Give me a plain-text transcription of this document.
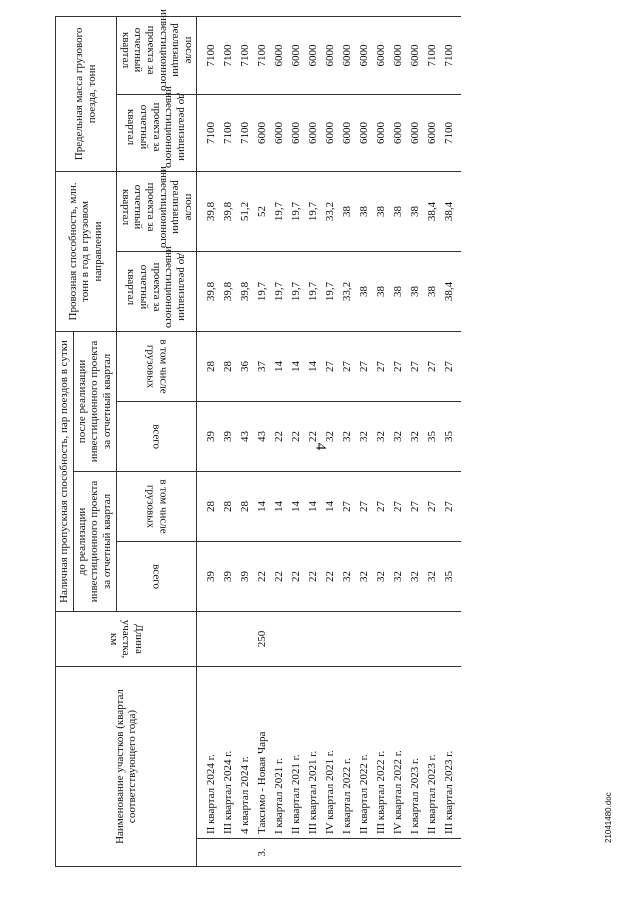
4
21041480.doc
Наименование участков (квартал соответствующего года)		Длина участка, км	Наличная пропускная способность, пар поездов в сутки				Провозная способность, млн. тонн в год в грузовом направлении		Предельная масса грузового поезда, тонн	
			до реализации инвестиционного проекта за отчетный квартал		после реализации инвестиционного проекта за отчетный квартал					
			всего	в том числе грузовых	всего	в том числе грузовых	до реализации инвестиционного проекта за отчетный квартал	после реализации инвестиционного проекта за отчетный квартал	до реализации инвестиционного проекта за отчетный квартал	после реализации инвестиционного проекта за отчетный квартал
	II квартал 2024 г.		39	28	39	28	39,8	39,8	7100	7100
	III квартал 2024 г.		39	28	39	28	39,8	39,8	7100	7100
	4 квартал 2024 г.		39	28	43	36	39,8	51,2	7100	7100
3.	Таксимо - Новая Чара	250	22	14	43	37	19,7	52	6000	7100
	I квартал 2021 г.		22	14	22	14	19,7	19,7	6000	6000
	II квартал 2021 г.		22	14	22	14	19,7	19,7	6000	6000
	III квартал 2021 г.		22	14	22	14	19,7	19,7	6000	6000
	IV квартал 2021 г.		22	14	32	27	19,7	33,2	6000	6000
	I квартал 2022 г.		32	27	32	27	33,2	38	6000	6000
	II квартал 2022 г.		32	27	32	27	38	38	6000	6000
	III квартал 2022 г.		32	27	32	27	38	38	6000	6000
	IV квартал 2022 г.		32	27	32	27	38	38	6000	6000
	I квартал 2023 г.		32	27	32	27	38	38	6000	6000
	II квартал 2023 г.		32	27	35	27	38	38,4	6000	7100
	III квартал 2023 г.		35	27	35	27	38,4	38,4	7100	7100
